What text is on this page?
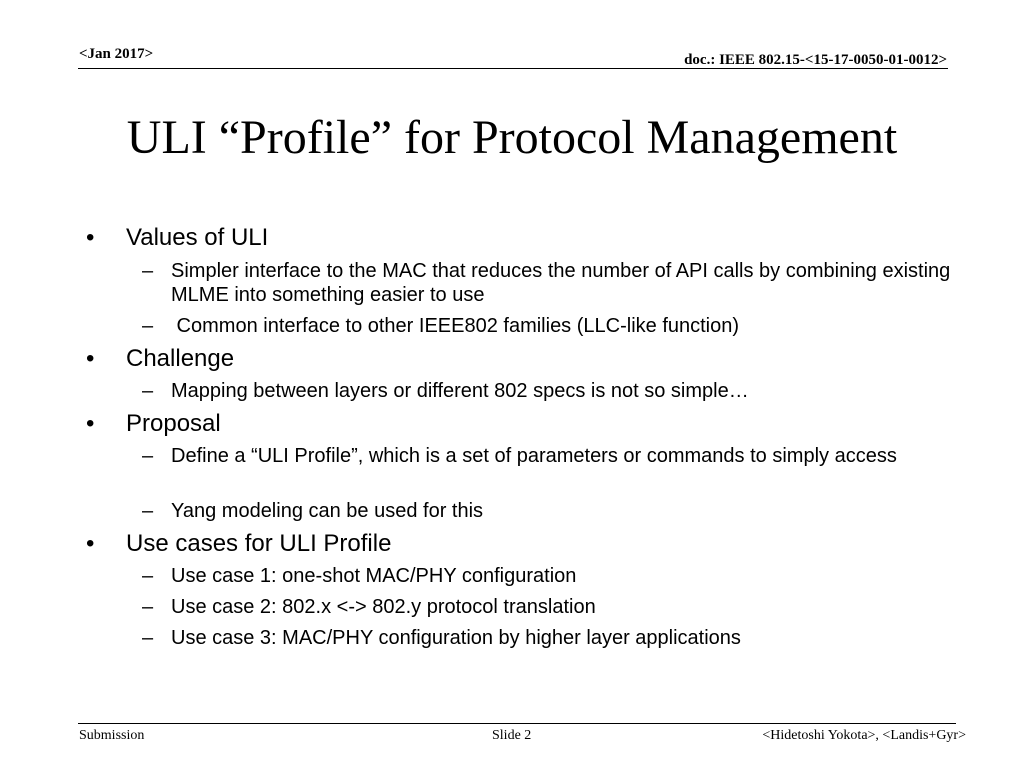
<Jan 2017>	doc.: IEEE 802.15-<15-17-0050-01-0012>
ULI “Profile” for Protocol Management
• Values of ULI
– Simpler interface to the MAC that reduces the number of API calls by combining existing MLME into something easier to use
– Common interface to other IEEE802 families (LLC-like function)
• Challenge
– Mapping between layers or different 802 specs is not so simple…
• Proposal
– Define a “ULI Profile”, which is a set of parameters or commands to simply access
– Yang modeling can be used for this
• Use cases for ULI Profile
– Use case 1: one-shot MAC/PHY configuration
– Use case 2: 802.x <-> 802.y protocol translation
– Use case 3: MAC/PHY configuration by higher layer applications
Submission	Slide 2	<Hidetoshi Yokota>, <Landis+Gyr>
